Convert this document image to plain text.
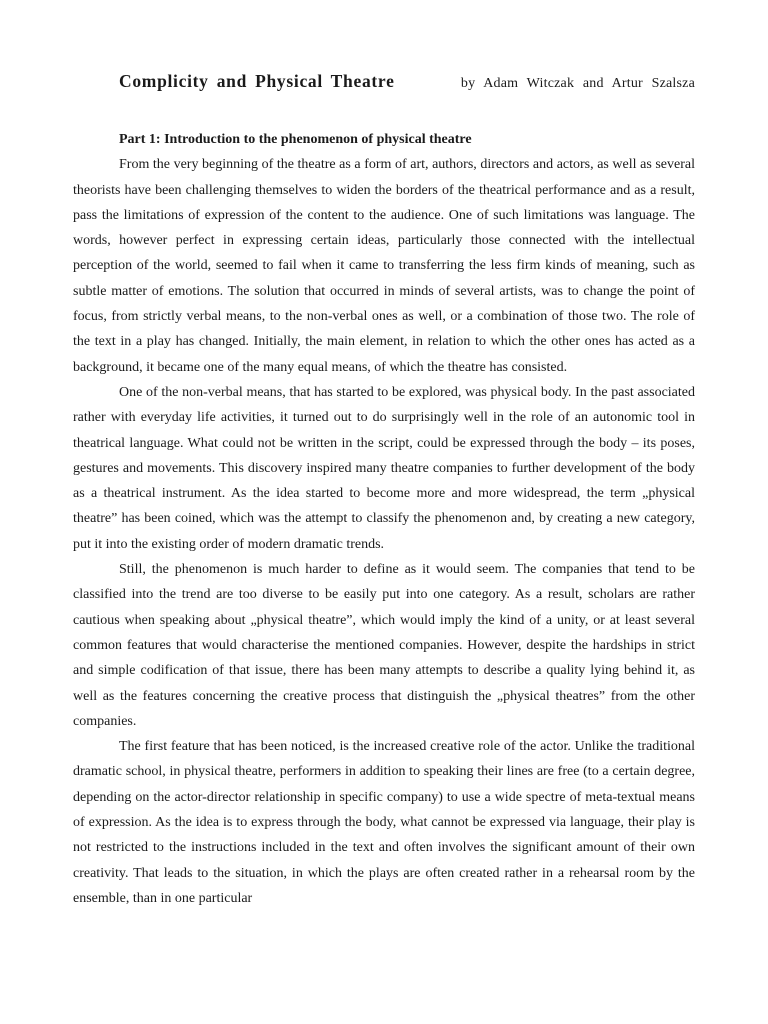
Complicity and Physical Theatre	by Adam Witczak and Artur Szalsza
Part 1: Introduction to the phenomenon of physical theatre

From the very beginning of the theatre as a form of art, authors, directors and actors, as well as several theorists have been challenging themselves to widen the borders of the theatrical performance and as a result, pass the limitations of expression of the content to the audience. One of such limitations was language. The words, however perfect in expressing certain ideas, particularly those connected with the intellectual perception of the world, seemed to fail when it came to transferring the less firm kinds of meaning, such as subtle matter of emotions. The solution that occurred in minds of several artists, was to change the point of focus, from strictly verbal means, to the non-verbal ones as well, or a combination of those two. The role of the text in a play has changed. Initially, the main element, in relation to which the other ones has acted as a background, it became one of the many equal means, of which the theatre has consisted.

One of the non-verbal means, that has started to be explored, was physical body. In the past associated rather with everyday life activities, it turned out to do surprisingly well in the role of an autonomic tool in theatrical language. What could not be written in the script, could be expressed through the body – its poses, gestures and movements. This discovery inspired many theatre companies to further development of the body as a theatrical instrument. As the idea started to become more and more widespread, the term „physical theatre” has been coined, which was the attempt to classify the phenomenon and, by creating a new category, put it into the existing order of modern dramatic trends.

Still, the phenomenon is much harder to define as it would seem. The companies that tend to be classified into the trend are too diverse to be easily put into one category. As a result, scholars are rather cautious when speaking about „physical theatre”, which would imply the kind of a unity, or at least several common features that would characterise the mentioned companies. However, despite the hardships in strict and simple codification of that issue, there has been many attempts to describe a quality lying behind it, as well as the features concerning the creative process that distinguish the „physical theatres” from the other companies.

The first feature that has been noticed, is the increased creative role of the actor. Unlike the traditional dramatic school, in physical theatre, performers in addition to speaking their lines are free (to a certain degree, depending on the actor-director relationship in specific company) to use a wide spectre of meta-textual means of expression. As the idea is to express through the body, what cannot be expressed via language, their play is not restricted to the instructions included in the text and often involves the significant amount of their own creativity. That leads to the situation, in which the plays are often created rather in a rehearsal room by the ensemble, than in one particular
